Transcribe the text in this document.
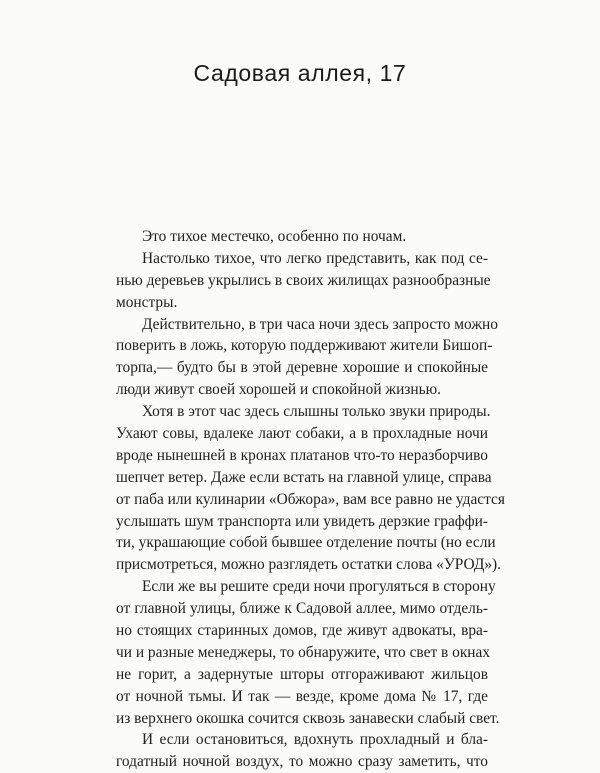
Садовая аллея, 17
Это тихое местечко, особенно по ночам.
Настолько тихое, что легко представить, как под се-
нью деревьев укрылись в своих жилищах разнообразные
монстры.
Действительно, в три часа ночи здесь запросто можно
поверить в ложь, которую поддерживают жители Бишоп-
торпа,— будто бы в этой деревне хорошие и спокойные
люди живут своей хорошей и спокойной жизнью.
Хотя в этот час здесь слышны только звуки природы.
Ухают совы, вдалеке лают собаки, а в прохладные ночи
вроде нынешней в кронах платанов что-то неразборчиво
шепчет ветер. Даже если встать на главной улице, справа
от паба или кулинарии «Обжора», вам все равно не удастся
услышать шум транспорта или увидеть дерзкие граффи-
ти, украшающие собой бывшее отделение почты (но если
присмотреться, можно разглядеть остатки слова «УРОД»).
Если же вы решите среди ночи прогуляться в сторону
от главной улицы, ближе к Садовой аллее, мимо отдель-
но стоящих старинных домов, где живут адвокаты, вра-
чи и разные менеджеры, то обнаружите, что свет в окнах
не горит, а задернутые шторы отгораживают жильцов
от ночной тьмы. И так — везде, кроме дома № 17, где
из верхнего окошка сочится сквозь занавески слабый свет.
И если остановиться, вдохнуть прохладный и бла-
годатный ночной воздух, то можно сразу заметить, что
